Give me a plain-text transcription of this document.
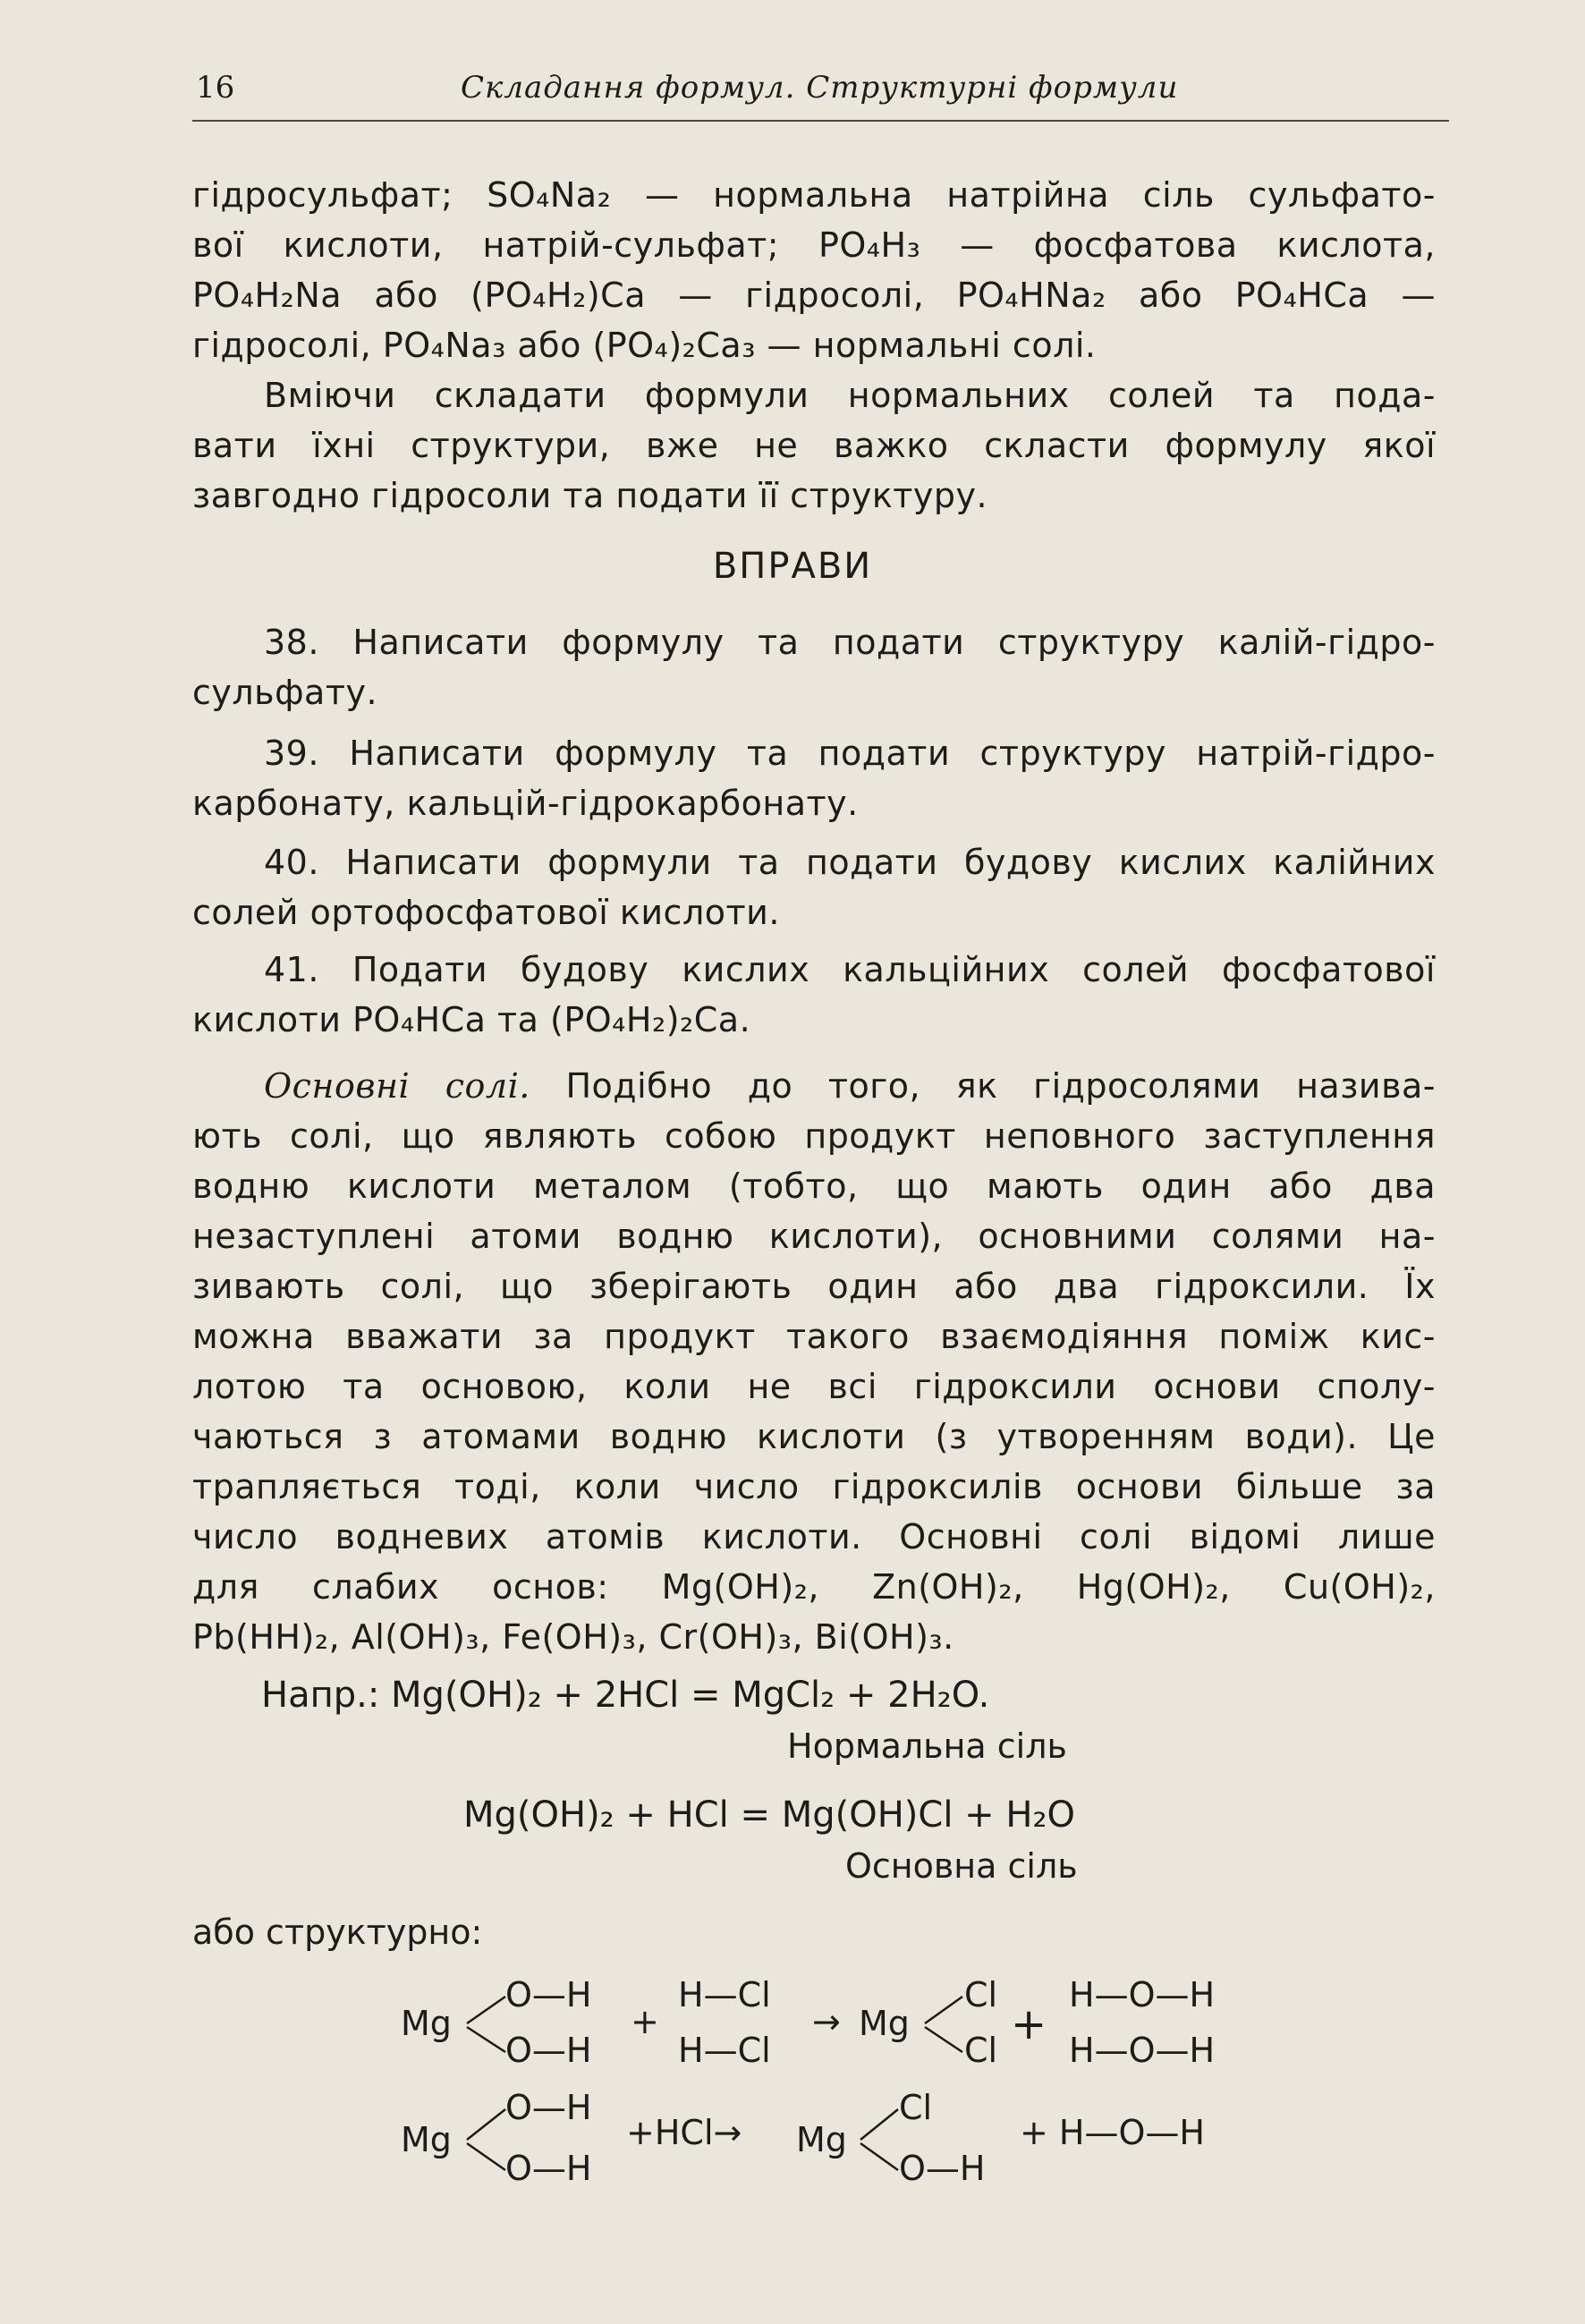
16	Складання формул. Структурні формули
гідросульфат; SO₄Na₂ — нормальна натрійна сіль сульфато-
вої кислоти, натрій-сульфат; PO₄H₃ — фосфатова кислота,
PO₄H₂Na або (PO₄H₂)Ca — гідросолі, PO₄HNa₂ або PO₄HCa —
гідросолі, PO₄Na₃ або (PO₄)₂Ca₃ — нормальні солі.
Вміючи складати формули нормальних солей та пода-
вати їхні структури, вже не важко скласти формулу якої
завгодно гідросоли та подати її структуру.
ВПРАВИ
38. Написати формулу та подати структуру калій-гідро-
сульфату.
39. Написати формулу та подати структуру натрій-гідро-
карбонату, кальцій-гідрокарбонату.
40. Написати формули та подати будову кислих калійних
солей ортофосфатової кислоти.
41. Подати будову кислих кальційних солей фосфатової
кислоти PO₄HCa та (PO₄H₂)₂Ca.
Основні солі. Подібно до того, як гідросолями назива-
ють солі, що являють собою продукт неповного заступлення
водню кислоти металом (тобто, що мають один або два
незаступлені атоми водню кислоти), основними солями на-
зивають солі, що зберігають один або два гідроксили. Їх
можна вважати за продукт такого взаємодіяння поміж кис-
лотою та основою, коли не всі гідроксили основи сполу-
чаються з атомами водню кислоти (з утворенням води). Це
трапляється тоді, коли число гідроксилів основи більше за
число водневих атомів кислоти. Основні солі відомі лише
для слабих основ: Mg(OH)₂, Zn(OH)₂, Hg(OH)₂, Cu(OH)₂,
Pb(HH)₂, Al(OH)₃, Fe(OH)₃, Cr(OH)₃, Bi(OH)₃.
Напр.: Mg(OH)₂ + 2HCl = MgCl₂ + 2H₂O.
Нормальна сіль
Mg(OH)₂ + HCl = Mg(OH)Cl + H₂O
Основна сіль
або структурно:
Mg
O—H
O—H
+
H—Cl
H—Cl
→ Mg
Cl
Cl
+
H—O—H
H—O—H
Mg
O—H
O—H
+HCl→ Mg
Cl
O—H
+ H—O—H
